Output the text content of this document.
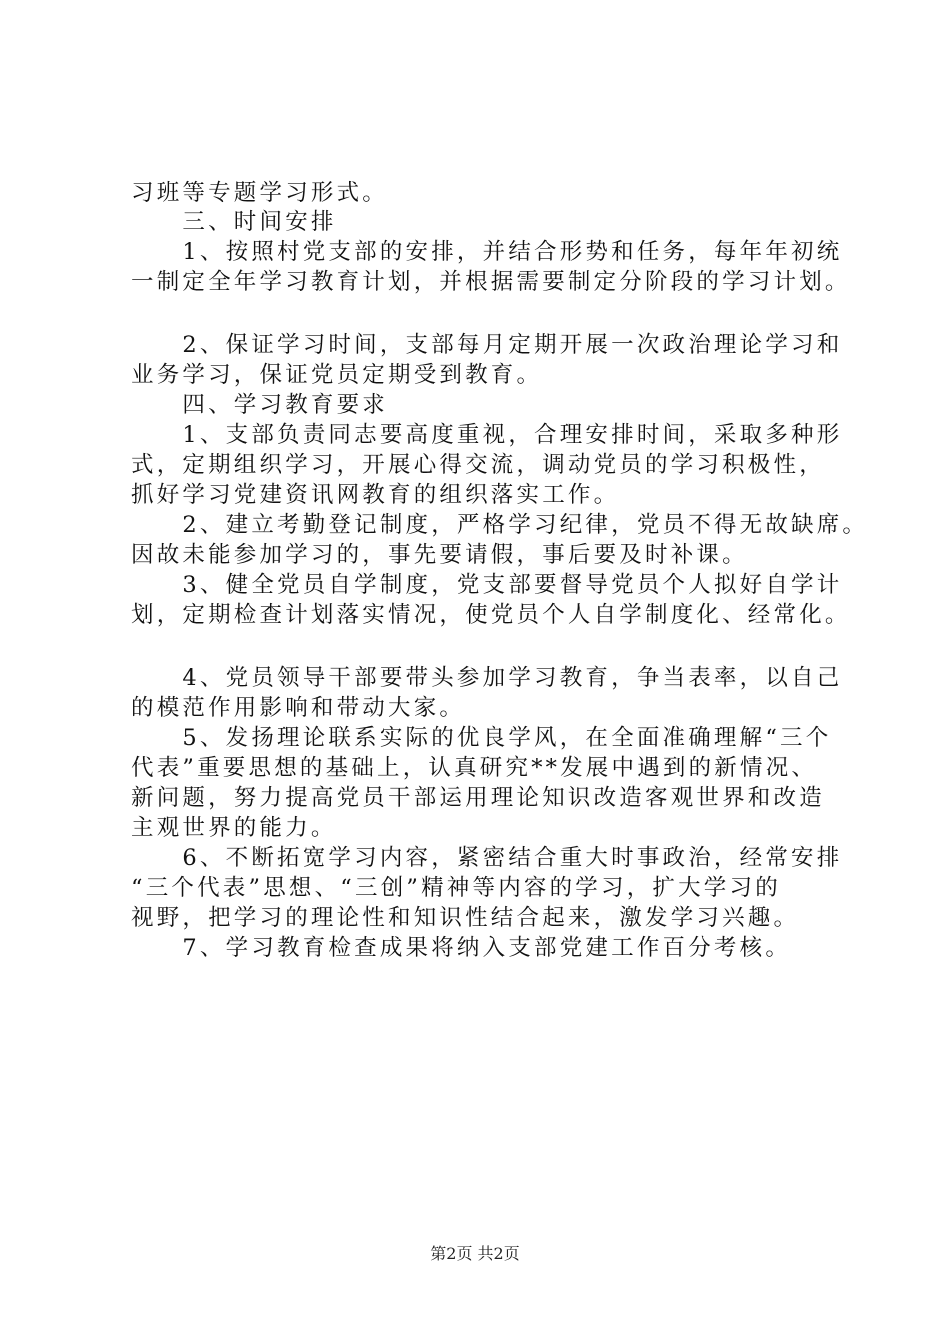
习班等专题学习形式。
　　三、时间安排
　　1、按照村党支部的安排，并结合形势和任务，每年年初统
一制定全年学习教育计划，并根据需要制定分阶段的学习计划。
　　2、保证学习时间，支部每月定期开展一次政治理论学习和
业务学习，保证党员定期受到教育。
　　四、学习教育要求
　　1、支部负责同志要高度重视，合理安排时间，采取多种形
式，定期组织学习，开展心得交流，调动党员的学习积极性，
抓好学习党建资讯网教育的组织落实工作。
　　2、建立考勤登记制度，严格学习纪律，党员不得无故缺席。
因故未能参加学习的，事先要请假，事后要及时补课。
　　3、健全党员自学制度，党支部要督导党员个人拟好自学计
划，定期检查计划落实情况，使党员个人自学制度化、经常化。
　　4、党员领导干部要带头参加学习教育，争当表率，以自己
的模范作用影响和带动大家。
　　5、发扬理论联系实际的优良学风，在全面准确理解“三个
代表”重要思想的基础上，认真研究**发展中遇到的新情况、
新问题，努力提高党员干部运用理论知识改造客观世界和改造
主观世界的能力。
　　6、不断拓宽学习内容，紧密结合重大时事政治，经常安排
“三个代表”思想、“三创”精神等内容的学习，扩大学习的
视野，把学习的理论性和知识性结合起来，激发学习兴趣。
　　7、学习教育检查成果将纳入支部党建工作百分考核。
第2页 共2页
